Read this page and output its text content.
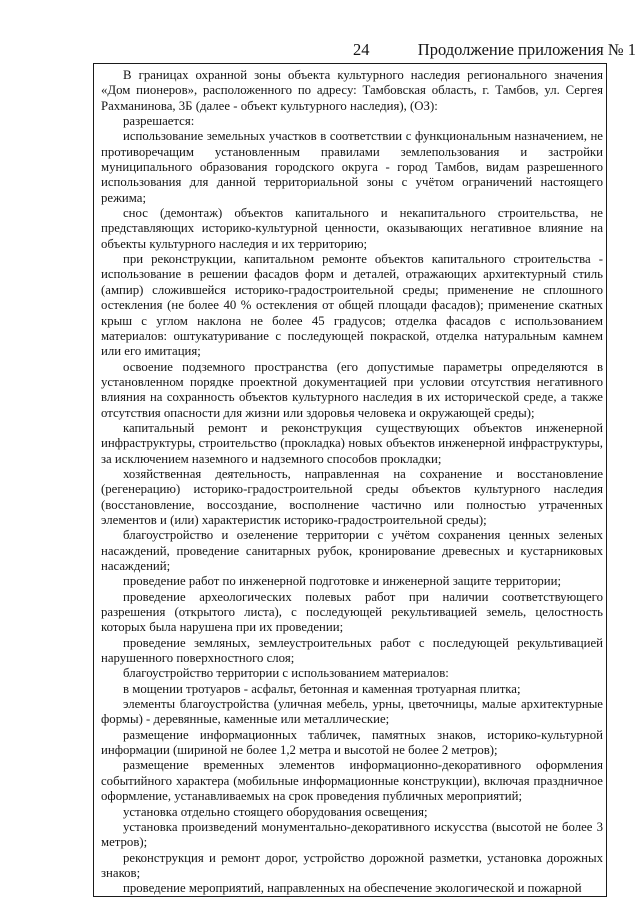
24	Продолжение приложения № 1

В границах охранной зоны объекта культурного наследия регионального значения «Дом пионеров», расположенного по адресу: Тамбовская область, г. Тамбов, ул. Сергея Рахманинова, 3Б (далее - объект культурного наследия), (ОЗ):

разрешается:

использование земельных участков в соответствии с функциональным назначением, не противоречащим установленным правилами землепользования и застройки муниципального образования городского округа - город Тамбов, видам разрешенного использования для данной территориальной зоны с учётом ограничений настоящего режима;

снос (демонтаж) объектов капитального и некапитального строительства, не представляющих историко-культурной ценности, оказывающих негативное влияние на объекты культурного наследия и их территорию;

при реконструкции, капитальном ремонте объектов капитального строительства - использование в решении фасадов форм и деталей, отражающих архитектурный стиль (ампир) сложившейся историко-градостроительной среды; применение не сплошного остекления (не более 40 % остекления от общей площади фасадов); применение скатных крыш с углом наклона не более 45 градусов; отделка фасадов с использованием материалов: оштукатуривание с последующей покраской, отделка натуральным камнем или его имитация;

освоение подземного пространства (его допустимые параметры определяются в установленном порядке проектной документацией при условии отсутствия негативного влияния на сохранность объектов культурного наследия в их исторической среде, а также отсутствия опасности для жизни или здоровья человека и окружающей среды);

капитальный ремонт и реконструкция существующих объектов инженерной инфраструктуры, строительство (прокладка) новых объектов инженерной инфраструктуры, за исключением наземного и надземного способов прокладки;

хозяйственная деятельность, направленная на сохранение и восстановление (регенерацию) историко-градостроительной среды объектов культурного наследия (восстановление, воссоздание, восполнение частично или полностью утраченных элементов и (или) характеристик историко-градостроительной среды);

благоустройство и озеленение территории с учётом сохранения ценных зеленых насаждений, проведение санитарных рубок, кронирование древесных и кустарниковых насаждений;

проведение работ по инженерной подготовке и инженерной защите территории;

проведение археологических полевых работ при наличии соответствующего разрешения (открытого листа), с последующей рекультивацией земель, целостность которых была нарушена при их проведении;

проведение земляных, землеустроительных работ с последующей рекультивацией нарушенного поверхностного слоя;

благоустройство территории с использованием материалов:

в мощении тротуаров - асфальт, бетонная и каменная тротуарная плитка;

элементы благоустройства (уличная мебель, урны, цветочницы, малые архитектурные формы) - деревянные, каменные или металлические;

размещение информационных табличек, памятных знаков, историко-культурной информации (шириной не более 1,2 метра и высотой не более 2 метров);

размещение временных элементов информационно-декоративного оформления событийного характера (мобильные информационные конструкции), включая праздничное оформление, устанавливаемых на срок проведения публичных мероприятий;

установка отдельно стоящего оборудования освещения;

установка произведений монументально-декоративного искусства (высотой не более 3 метров);

реконструкция и ремонт дорог, устройство дорожной разметки, установка дорожных знаков;

проведение мероприятий, направленных на обеспечение экологической и пожарной
